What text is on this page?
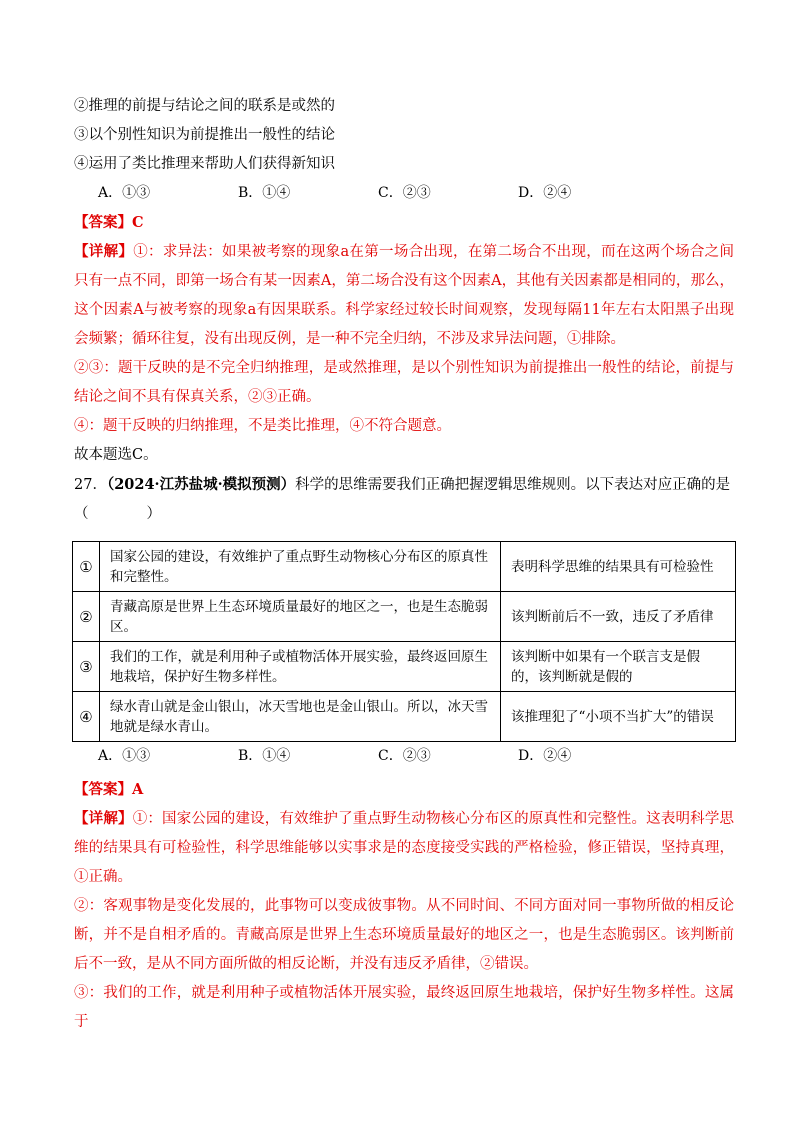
②推理的前提与结论之间的联系是或然的
③以个别性知识为前提推出一般性的结论
④运用了类比推理来帮助人们获得新知识
A．①③	B．①④	C．②③	D．②④
【答案】C

【详解】①：求异法：如果被考察的现象a在第一场合出现，在第二场合不出现，而在这两个场合之间只有一点不同，即第一场合有某一因素A，第二场合没有这个因素A，其他有关因素都是相同的，那么，这个因素A与被考察的现象a有因果联系。科学家经过较长时间观察，发现每隔11年左右太阳黑子出现会频繁；循环往复，没有出现反例，是一种不完全归纳，不涉及求异法问题，①排除。

②③：题干反映的是不完全归纳推理，是或然推理，是以个别性知识为前提推出一般性的结论，前提与结论之间不具有保真关系，②③正确。

④：题干反映的归纳推理，不是类比推理，④不符合题意。

故本题选C。
27．（2024·江苏盐城·模拟预测）科学的思维需要我们正确把握逻辑思维规则。以下表达对应正确的是
（　　　　）
①	国家公园的建设，有效维护了重点野生动物核心分布区的原真性和完整性。	表明科学思维的结果具有可检验性
②	青藏高原是世界上生态环境质量最好的地区之一，也是生态脆弱区。	该判断前后不一致，违反了矛盾律
③	我们的工作，就是利用种子或植物活体开展实验，最终返回原生地栽培，保护好生物多样性。	该判断中如果有一个联言支是假的，该判断就是假的
④	绿水青山就是金山银山，冰天雪地也是金山银山。所以，冰天雪地就是绿水青山。	该推理犯了“小项不当扩大”的错误
A．①③	B．①④	C．②③	D．②④
【答案】A

【详解】①：国家公园的建设，有效维护了重点野生动物核心分布区的原真性和完整性。这表明科学思维的结果具有可检验性，科学思维能够以实事求是的态度接受实践的严格检验，修正错误，坚持真理，①正确。

②：客观事物是变化发展的，此事物可以变成彼事物。从不同时间、不同方面对同一事物所做的相反论断，并不是自相矛盾的。青藏高原是世界上生态环境质量最好的地区之一，也是生态脆弱区。该判断前后不一致，是从不同方面所做的相反论断，并没有违反矛盾律，②错误。

③：我们的工作，就是利用种子或植物活体开展实验，最终返回原生地栽培，保护好生物多样性。这属于
